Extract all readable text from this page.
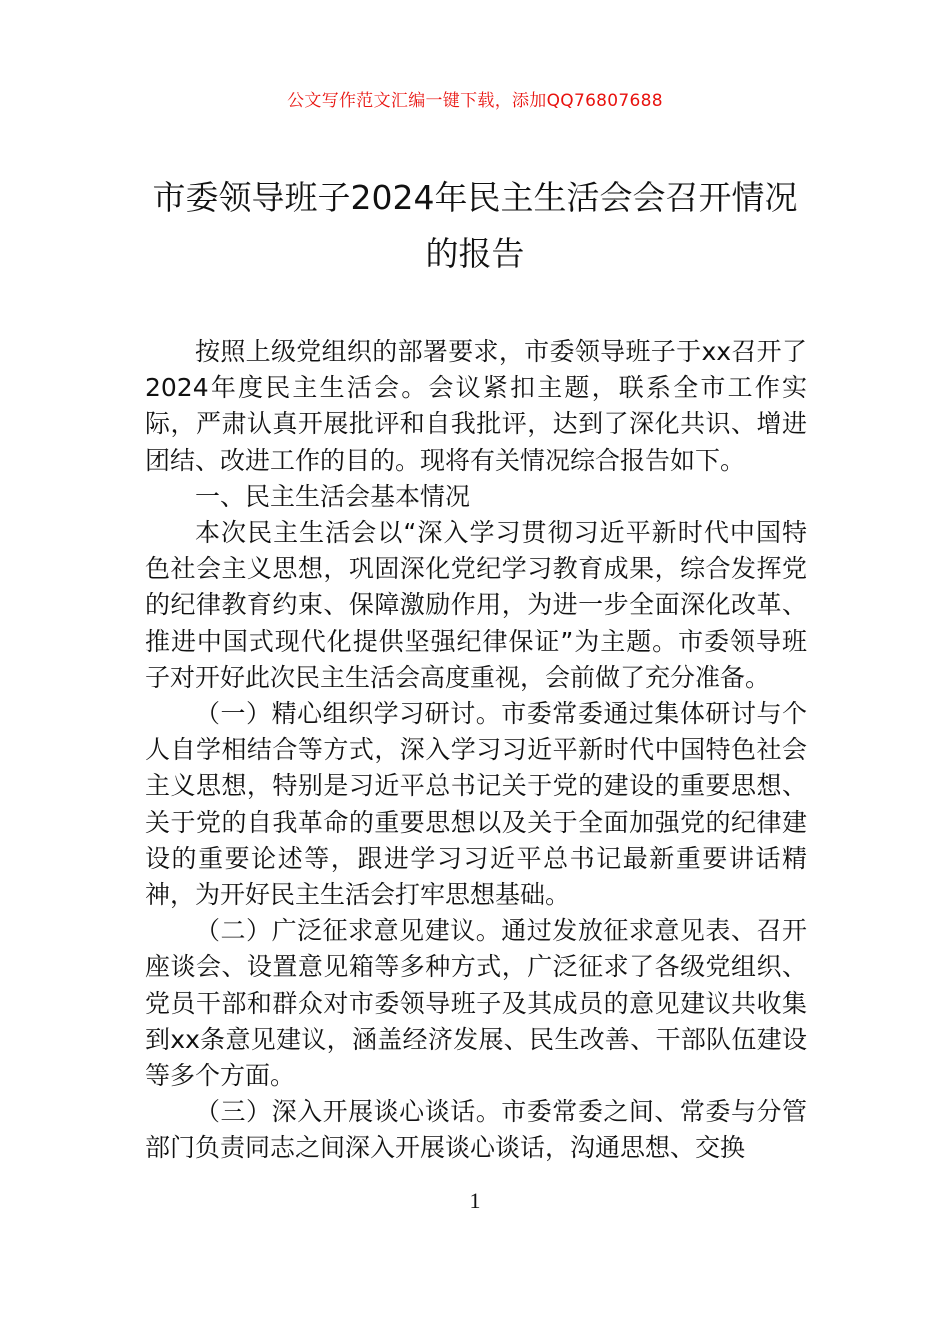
公文写作范文汇编一键下载，添加QQ76807688
市委领导班子2024年民主生活会会召开情况的报告

按照上级党组织的部署要求，市委领导班子于xx召开了2024年度民主生活会。会议紧扣主题，联系全市工作实际，严肃认真开展批评和自我批评，达到了深化共识、增进团结、改进工作的目的。现将有关情况综合报告如下。

一、民主生活会基本情况

本次民主生活会以“深入学习贯彻习近平新时代中国特色社会主义思想，巩固深化党纪学习教育成果，综合发挥党的纪律教育约束、保障激励作用，为进一步全面深化改革、推进中国式现代化提供坚强纪律保证”为主题。市委领导班子对开好此次民主生活会高度重视，会前做了充分准备。

（一）精心组织学习研讨。市委常委通过集体研讨与个人自学相结合等方式，深入学习习近平新时代中国特色社会主义思想，特别是习近平总书记关于党的建设的重要思想、关于党的自我革命的重要思想以及关于全面加强党的纪律建设的重要论述等，跟进学习习近平总书记最新重要讲话精神，为开好民主生活会打牢思想基础。

（二）广泛征求意见建议。通过发放征求意见表、召开座谈会、设置意见箱等多种方式，广泛征求了各级党组织、党员干部和群众对市委领导班子及其成员的意见建议共收集到xx条意见建议，涵盖经济发展、民生改善、干部队伍建设等多个方面。

（三）深入开展谈心谈话。市委常委之间、常委与分管部门负责同志之间深入开展谈心谈话，沟通思想、交换

1
